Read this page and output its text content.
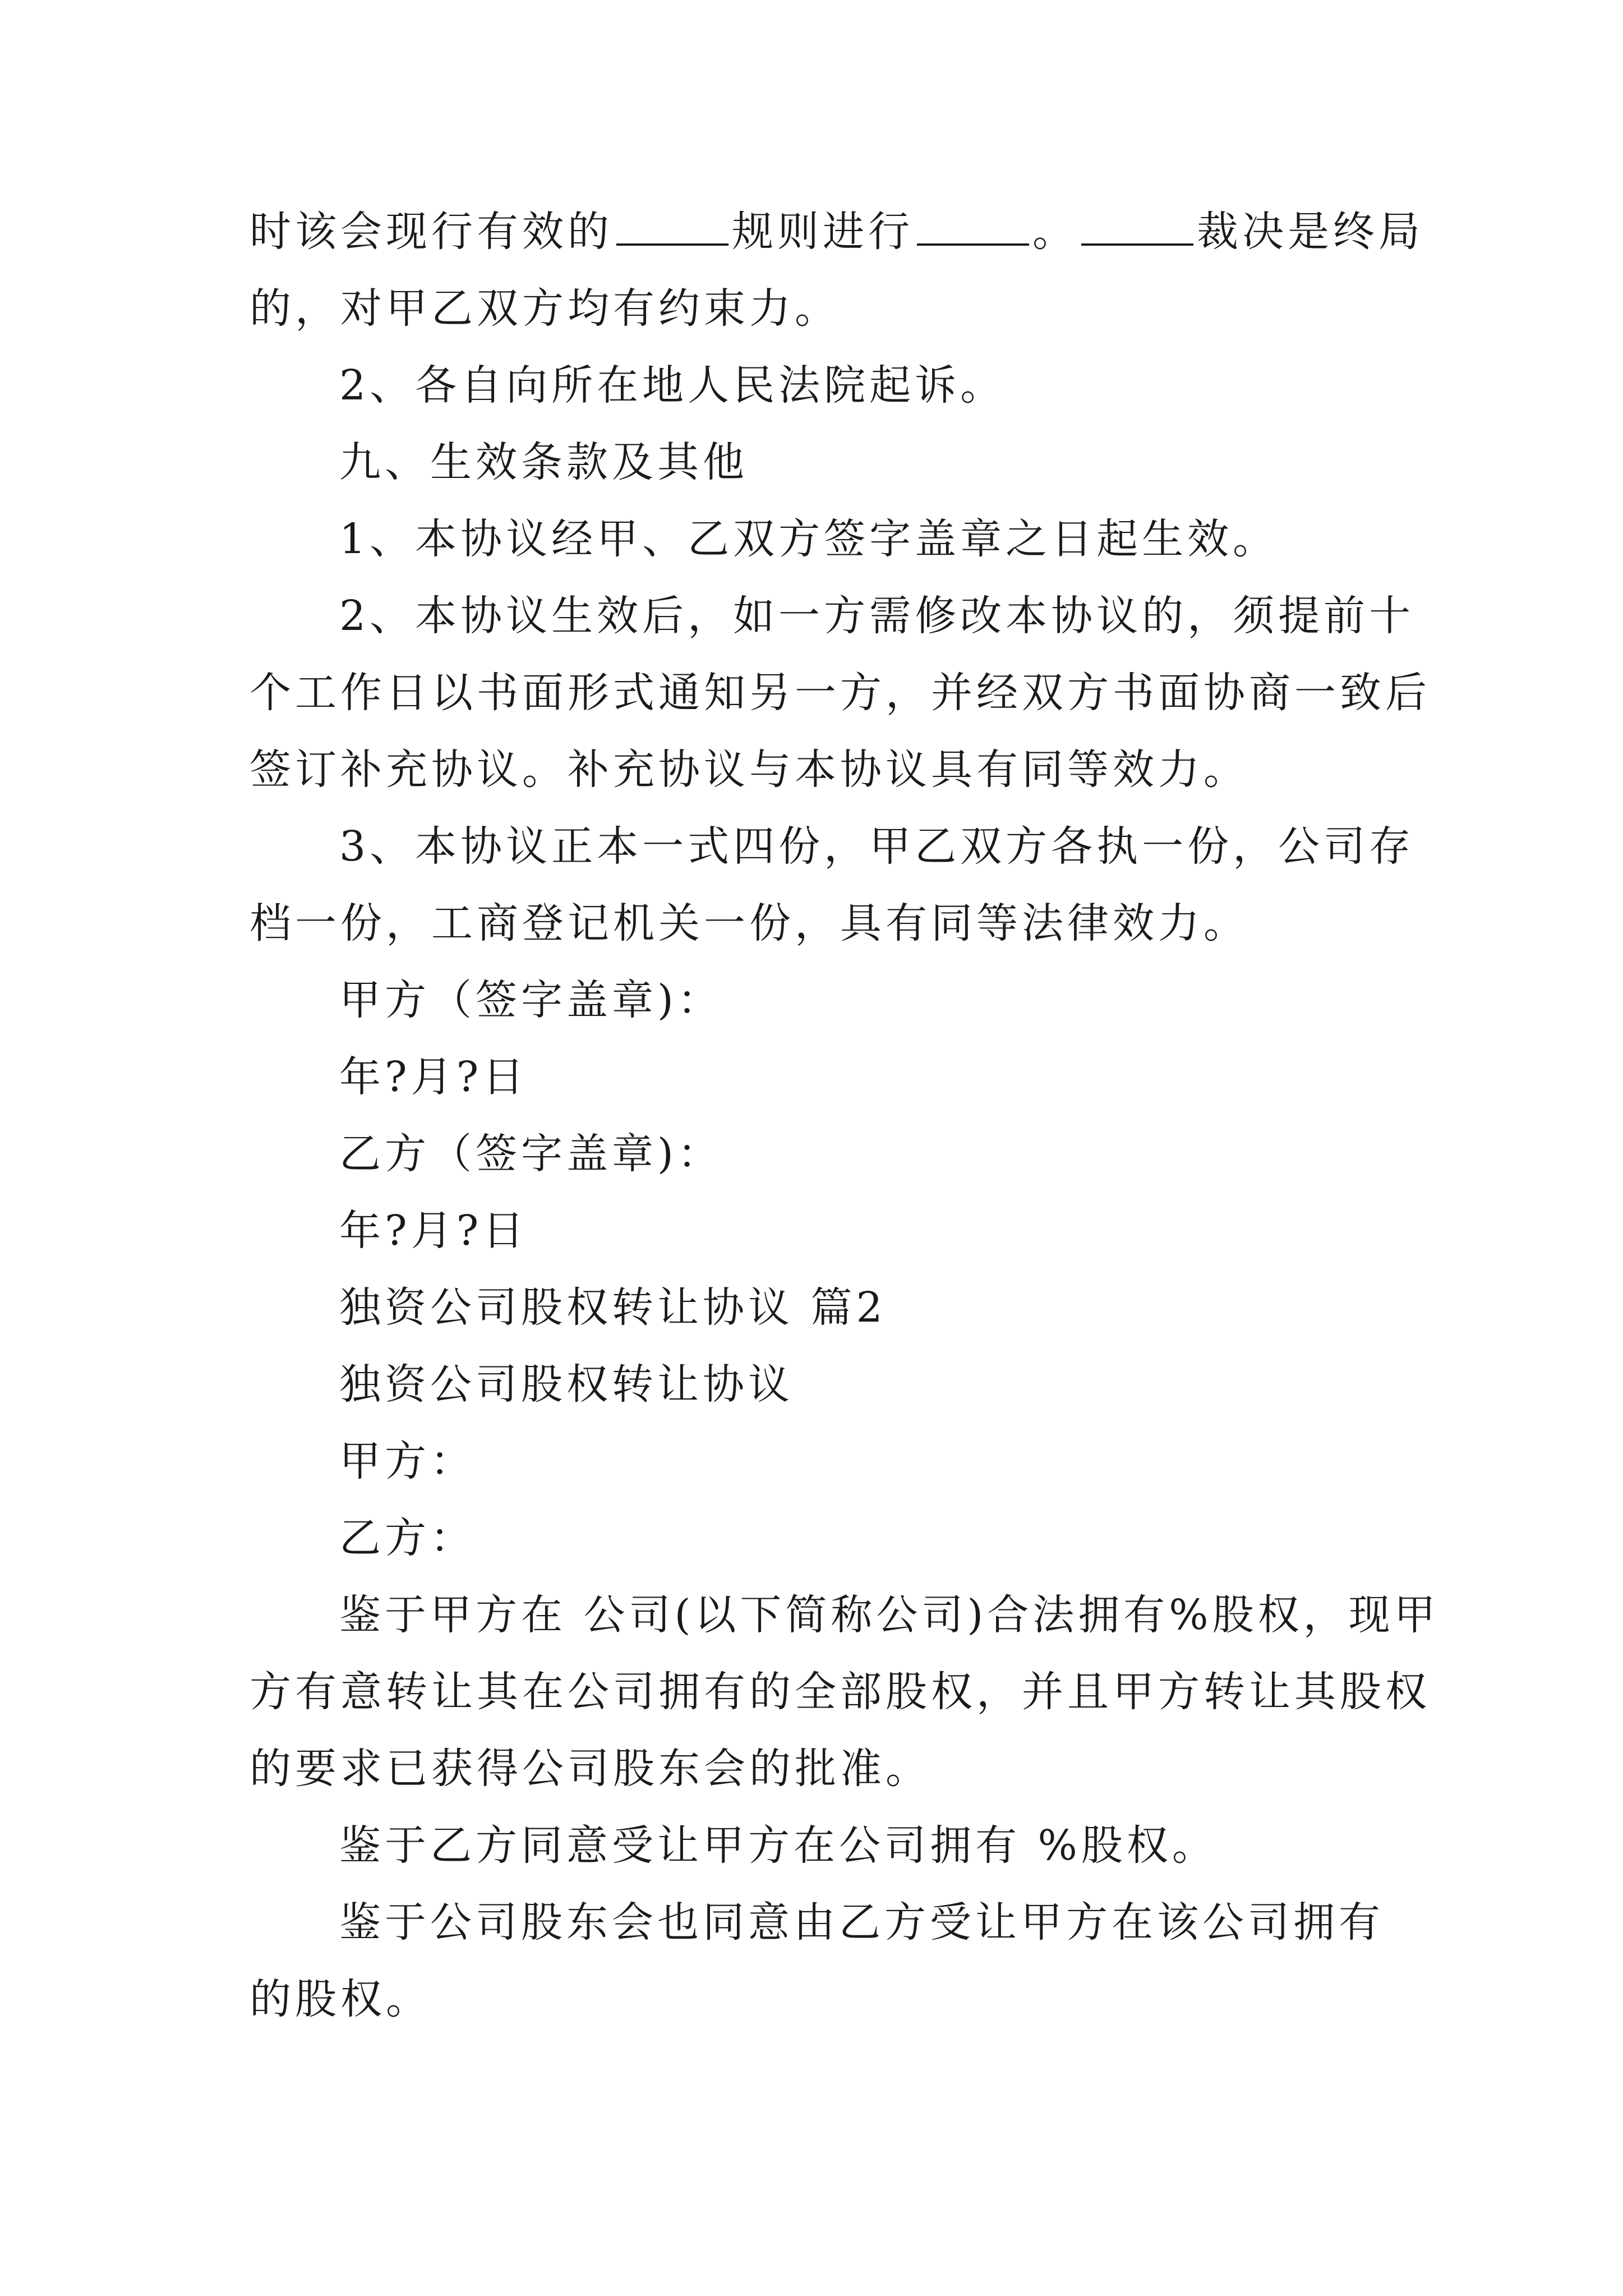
时该会现行有效的	规则进行	。	裁决是终局
的，对甲乙双方均有约束力。
2、各自向所在地人民法院起诉。
九、生效条款及其他
1、本协议经甲、乙双方签字盖章之日起生效。
2、本协议生效后，如一方需修改本协议的，须提前十
个工作日以书面形式通知另一方，并经双方书面协商一致后
签订补充协议。补充协议与本协议具有同等效力。
3、本协议正本一式四份，甲乙双方各执一份，公司存
档一份，工商登记机关一份，具有同等法律效力。
甲方（签字盖章)：
年?月?日
乙方（签字盖章)：
年?月?日
独资公司股权转让协议 篇2
独资公司股权转让协议
甲方：
乙方：
鉴于甲方在 公司(以下简称公司)合法拥有%股权，现甲
方有意转让其在公司拥有的全部股权，并且甲方转让其股权
的要求已获得公司股东会的批准。
鉴于乙方同意受让甲方在公司拥有 %股权。
鉴于公司股东会也同意由乙方受让甲方在该公司拥有
的股权。
